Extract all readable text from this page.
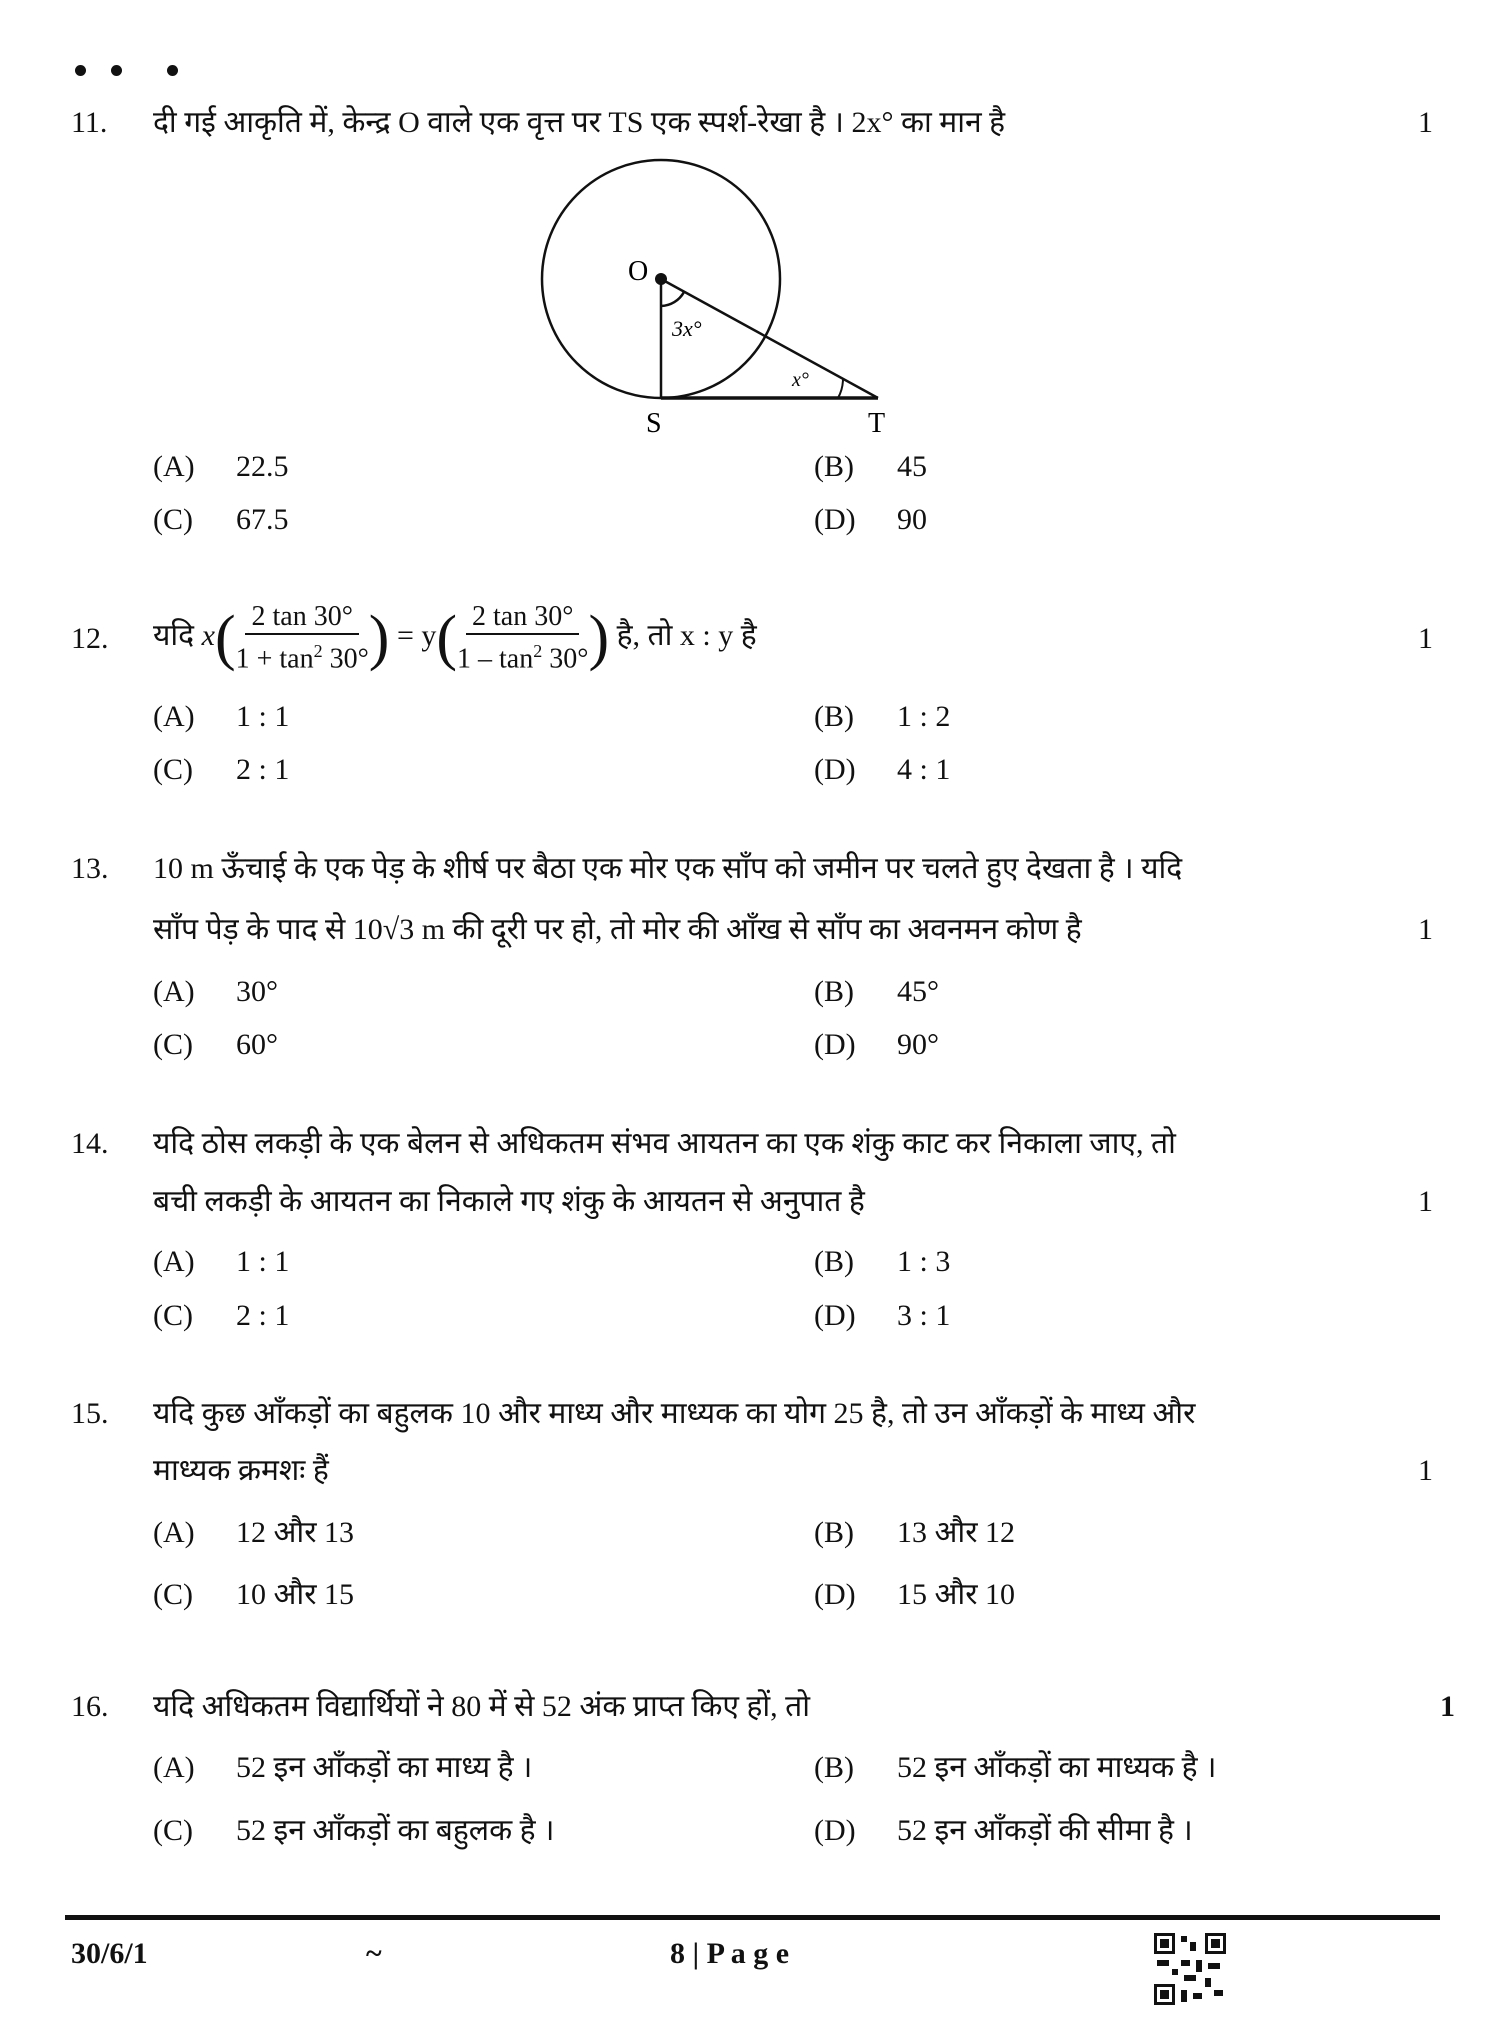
11. दी गई आकृति में, केन्द्र O वाले एक वृत्त पर TS एक स्पर्श-रेखा है । 2x° का मान है	1
O
3x°
x°
S	T
(A) 22.5	(B) 45
(C) 67.5	(D) 90
12. यदि $x( \frac{2 \tan 30^\circ}{1 + \tan^2 30^\circ}$ ) = $y( \frac{2 \tan 30^\circ}{1 - \tan^2 30^\circ}$ ) है, तो x : y है	1
(A) 1 : 1	(B) 1 : 2
(C) 2 : 1	(D) 4 : 1
13. 10 m ऊँचाई के एक पेड़ के शीर्ष पर बैठा एक मोर एक साँप को जमीन पर चलते हुए देखता है । यदि
साँप पेड़ के पाद से 10√3 m की दूरी पर हो, तो मोर की आँख से साँप का अवनमन कोण है	1
(A) 30°	(B) 45°
(C) 60°	(D) 90°
14. यदि ठोस लकड़ी के एक बेलन से अधिकतम संभव आयतन का एक शंकु काट कर निकाला जाए, तो
बची लकड़ी के आयतन का निकाले गए शंकु के आयतन से अनुपात है	1
(A) 1 : 1	(B) 1 : 3
(C) 2 : 1	(D) 3 : 1
15. यदि कुछ आँकड़ों का बहुलक 10 और माध्य और माध्यक का योग 25 है, तो उन आँकड़ों के माध्य और
माध्यक क्रमशः हैं	1
(A) 12 और 13	(B) 13 और 12
(C) 10 और 15	(D) 15 और 10
16. यदि अधिकतम विद्यार्थियों ने 80 में से 52 अंक प्राप्त किए हों, तो	1
(A) 52 इन आँकड़ों का माध्य है ।	(B) 52 इन आँकड़ों का माध्यक है ।
(C) 52 इन आँकड़ों का बहुलक है ।	(D) 52 इन आँकड़ों की सीमा है ।
30/6/1	~	8 | P a g e
